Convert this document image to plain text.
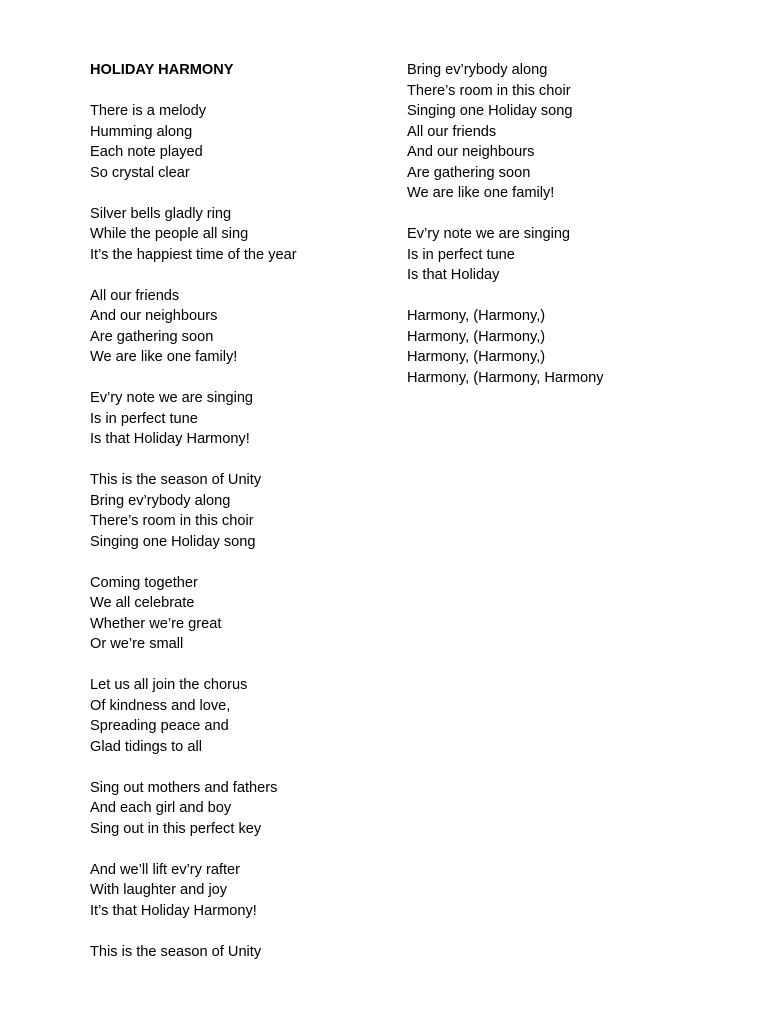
HOLIDAY HARMONY
There is a melody
Humming along
Each note played
So crystal clear
Silver bells gladly ring
While the people all sing
It’s the happiest time of the year
All our friends
And our neighbours
Are gathering soon
We are like one family!
Ev’ry note we are singing
Is in perfect tune
Is that Holiday Harmony!
This is the season of Unity
Bring ev’rybody along
There’s room in this choir
Singing one Holiday song
Coming together
We all celebrate
Whether we’re great
Or we’re small
Let us all join the chorus
Of kindness and love,
Spreading peace and
Glad tidings to all
Sing out mothers and fathers
And each girl and boy
Sing out in this perfect key
And we’ll lift ev’ry rafter
With laughter and joy
It’s that Holiday Harmony!
This is the season of Unity
Bring ev’rybody along
There’s room in this choir
Singing one Holiday song
All our friends
And our neighbours
Are gathering soon
We are like one family!
Ev’ry note we are singing
Is in perfect tune
Is that Holiday
Harmony, (Harmony,)
Harmony, (Harmony,)
Harmony, (Harmony,)
Harmony, (Harmony, Harmony
